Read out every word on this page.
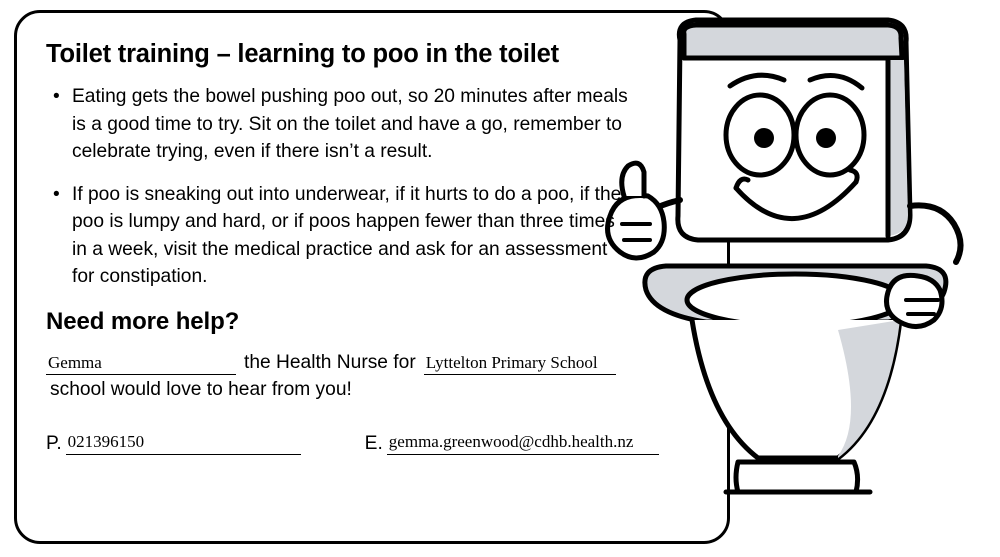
Toilet training – learning to poo in the toilet
• Eating gets the bowel pushing poo out, so 20 minutes after meals is a good time to try. Sit on the toilet and have a go, remember to celebrate trying, even if there isn’t a result.
• If poo is sneaking out into underwear, if it hurts to do a poo, if the poo is lumpy and hard, or if poos happen fewer than three times in a week, visit the medical practice and ask for an assessment for constipation.
Need more help?
Gemma	the Health Nurse for Lyttelton Primary School
school would love to hear from you!
P. 021396150	E. gemma.greenwood@cdhb.health.nz
